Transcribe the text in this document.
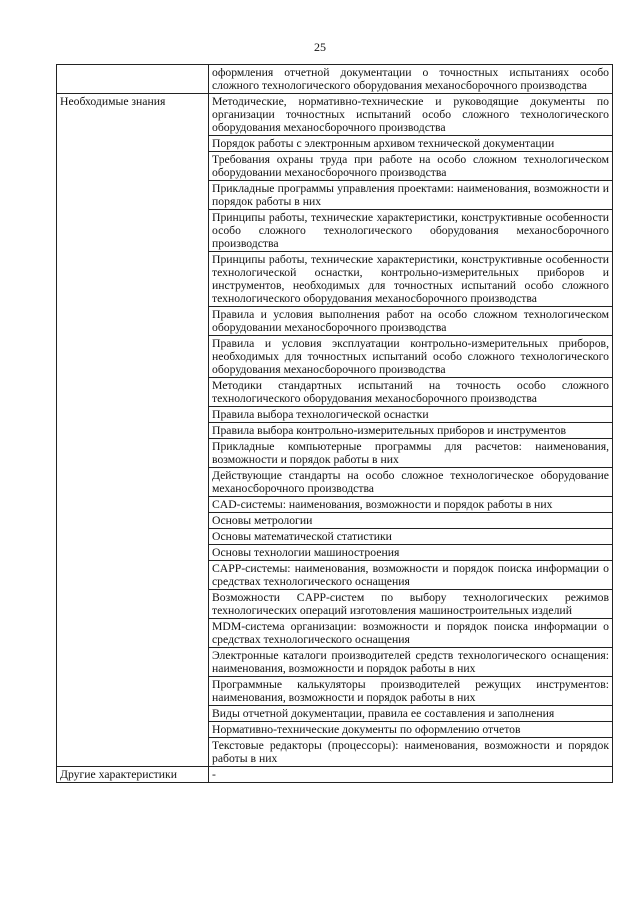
25
	оформления отчетной документации о точностных испытаниях особо сложного технологического оборудования механосборочного производства
Необходимые знания	Методические, нормативно-технические и руководящие документы по организации точностных испытаний особо сложного технологического оборудования механосборочного производства
	Порядок работы с электронным архивом технической документации
	Требования охраны труда при работе на особо сложном технологическом оборудовании механосборочного производства
	Прикладные программы управления проектами: наименования, возможности и порядок работы в них
	Принципы работы, технические характеристики, конструктивные особенности особо сложного технологического оборудования механосборочного производства
	Принципы работы, технические характеристики, конструктивные особенности технологической оснастки, контрольно-измерительных приборов и инструментов, необходимых для точностных испытаний особо сложного технологического оборудования механосборочного производства
	Правила и условия выполнения работ на особо сложном технологическом оборудовании механосборочного производства
	Правила и условия эксплуатации контрольно-измерительных приборов, необходимых для точностных испытаний особо сложного технологического оборудования механосборочного производства
	Методики стандартных испытаний на точность особо сложного технологического оборудования механосборочного производства
	Правила выбора технологической оснастки
	Правила выбора контрольно-измерительных приборов и инструментов
	Прикладные компьютерные программы для расчетов: наименования, возможности и порядок работы в них
	Действующие стандарты на особо сложное технологическое оборудование механосборочного производства
	CAD-системы: наименования, возможности и порядок работы в них
	Основы метрологии
	Основы математической статистики
	Основы технологии машиностроения
	CAPP-системы: наименования, возможности и порядок поиска информации о средствах технологического оснащения
	Возможности CAPP-систем по выбору технологических режимов технологических операций изготовления машиностроительных изделий
	MDM-система организации: возможности и порядок поиска информации о средствах технологического оснащения
	Электронные каталоги производителей средств технологического оснащения: наименования, возможности и порядок работы в них
	Программные калькуляторы производителей режущих инструментов: наименования, возможности и порядок работы в них
	Виды отчетной документации, правила ее составления и заполнения
	Нормативно-технические документы по оформлению отчетов
	Текстовые редакторы (процессоры): наименования, возможности и порядок работы в них
Другие характеристики	-
